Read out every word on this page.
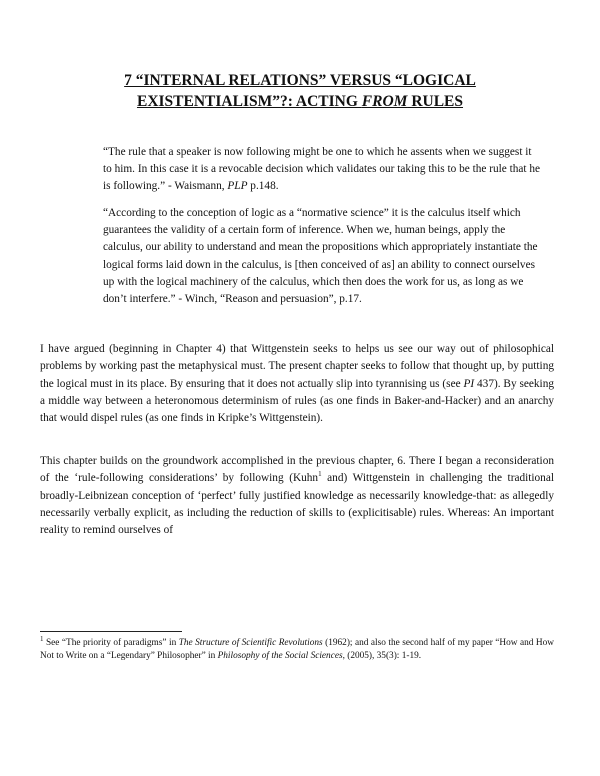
7 “INTERNAL RELATIONS” VERSUS “LOGICAL
EXISTENTIALISM”?: ACTING FROM RULES
“The rule that a speaker is now following might be one to which he assents when we suggest it to him. In this case it is a revocable decision which validates our taking this to be the rule that he is following.” - Waismann, PLP p.148.
“According to the conception of logic as a “normative science” it is the calculus itself which guarantees the validity of a certain form of inference. When we, human beings, apply the calculus, our ability to understand and mean the propositions which appropriately instantiate the logical forms laid down in the calculus, is [then conceived of as] an ability to connect ourselves up with the logical machinery of the calculus, which then does the work for us, as long as we don’t interfere.” - Winch, “Reason and persuasion”, p.17.
I have argued (beginning in Chapter 4) that Wittgenstein seeks to helps us see our way out of philosophical problems by working past the metaphysical must. The present chapter seeks to follow that thought up, by putting the logical must in its place. By ensuring that it does not actually slip into tyrannising us (see PI 437). By seeking a middle way between a heteronomous determinism of rules (as one finds in Baker-and-Hacker) and an anarchy that would dispel rules (as one finds in Kripke’s Wittgenstein).
This chapter builds on the groundwork accomplished in the previous chapter, 6. There I began a reconsideration of the ‘rule-following considerations’ by following (Kuhn$^1$ and) Wittgenstein in challenging the traditional broadly-Leibnizean conception of ‘perfect’ fully justified knowledge as necessarily knowledge-that: as allegedly necessarily verbally explicit, as including the reduction of skills to (explicitisable) rules. Whereas: An important reality to remind ourselves of
$^1$ See “The priority of paradigms” in The Structure of Scientific Revolutions (1962); and also the second half of my paper “How and How Not to Write on a “Legendary” Philosopher” in Philosophy of the Social Sciences, (2005), 35(3): 1-19.
